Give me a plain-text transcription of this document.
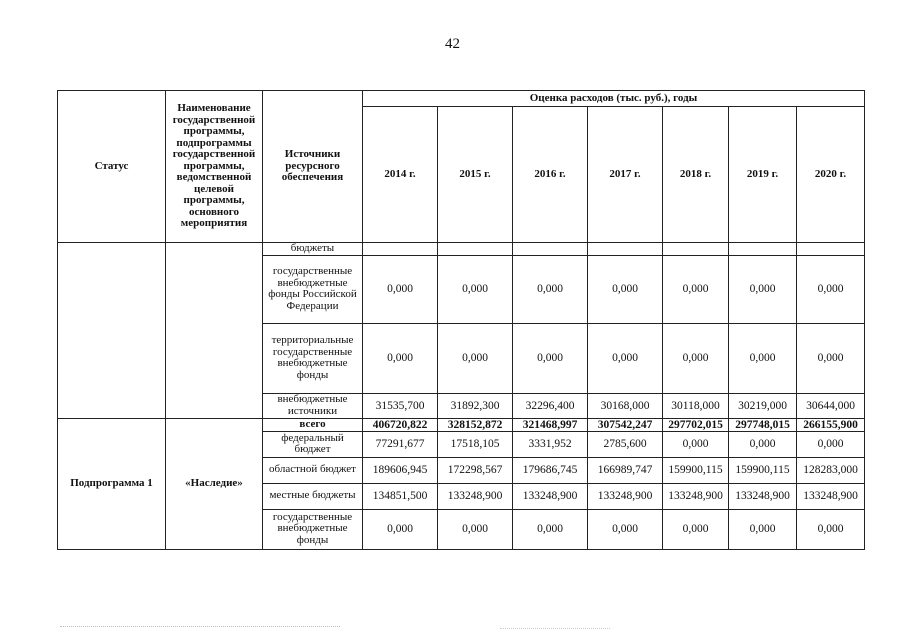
42
Статус	Наименование государственной программы, подпрограммы государственной программы, ведомственной целевой программы, основного мероприятия	Источники ресурсного обеспечения	Оценка расходов (тыс. руб.), годы						
			2014 г.	2015 г.	2016 г.	2017 г.	2018 г.	2019 г.	2020 г.
		бюджеты							
		государственные внебюджетные фонды Российской Федерации	0,000	0,000	0,000	0,000	0,000	0,000	0,000
		территориальные государственные внебюджетные фонды	0,000	0,000	0,000	0,000	0,000	0,000	0,000
		внебюджетные источники	31535,700	31892,300	32296,400	30168,000	30118,000	30219,000	30644,000
Подпрограмма 1	«Наследие»	всего	406720,822	328152,872	321468,997	307542,247	297702,015	297748,015	266155,900
		федеральный бюджет	77291,677	17518,105	3331,952	2785,600	0,000	0,000	0,000
		областной бюджет	189606,945	172298,567	179686,745	166989,747	159900,115	159900,115	128283,000
		местные бюджеты	134851,500	133248,900	133248,900	133248,900	133248,900	133248,900	133248,900
		государственные внебюджетные фонды	0,000	0,000	0,000	0,000	0,000	0,000	0,000
